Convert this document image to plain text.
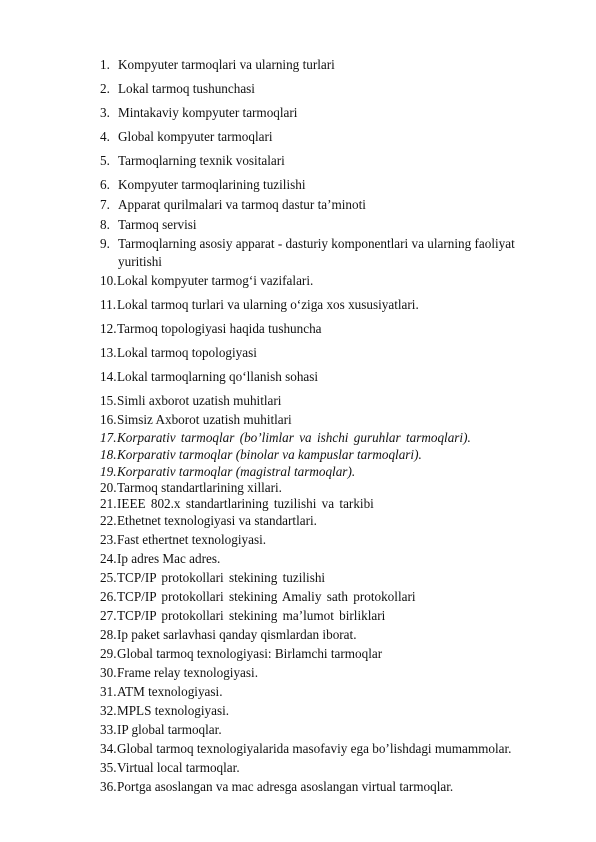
1. Kompyuter tarmoqlari va ularning turlari
2. Lokal tarmoq tushunchasi
3. Mintakaviy kompyuter tarmoqlari
4. Global kompyuter tarmoqlari
5. Tarmoqlarning texnik vositalari
6. Kompyuter tarmoqlarining tuzilishi
7. Apparat qurilmalari va tarmoq dastur ta’minoti
8. Tarmoq servisi
9. Tarmoqlarning asosiy apparat - dasturiy komponentlari va ularning faoliyat yuritishi
10. Lokal kompyuter tarmog‘i vazifalari.
11. Lokal tarmoq turlari va ularning o‘ziga xos xususiyatlari.
12. Tarmoq topologiyasi haqida tushuncha
13. Lokal tarmoq topologiyasi
14. Lokal tarmoqlarning qo‘llanish sohasi
15. Simli axborot uzatish muhitlari
16. Simsiz Axborot uzatish muhitlari
17. Korparativ tarmoqlar (bo’limlar va ishchi guruhlar tarmoqlari).
18. Korparativ tarmoqlar (binolar va kampuslar tarmoqlari).
19. Korparativ tarmoqlar (magistral tarmoqlar).
20. Tarmoq standartlarining xillari.
21. IEEE 802.x standartlarining tuzilishi va tarkibi
22. Ethetnet texnologiyasi va standartlari.
23. Fast ethertnet texnologiyasi.
24. Ip adres Mac adres.
25. TCP/IP protokollari stekining tuzilishi
26. TCP/IP protokollari stekining Amaliy sath protokollari
27. TCP/IP protokollari stekining ma’lumot birliklari
28. Ip paket sarlavhasi qanday qismlardan iborat.
29. Global tarmoq texnologiyasi: Birlamchi tarmoqlar
30. Frame relay texnologiyasi.
31. ATM texnologiyasi.
32. MPLS texnologiyasi.
33. IP global tarmoqlar.
34. Global tarmoq texnologiyalarida masofaviy ega bo’lishdagi mumammolar.
35. Virtual local tarmoqlar.
36. Portga asoslangan va mac adresga asoslangan virtual tarmoqlar.
